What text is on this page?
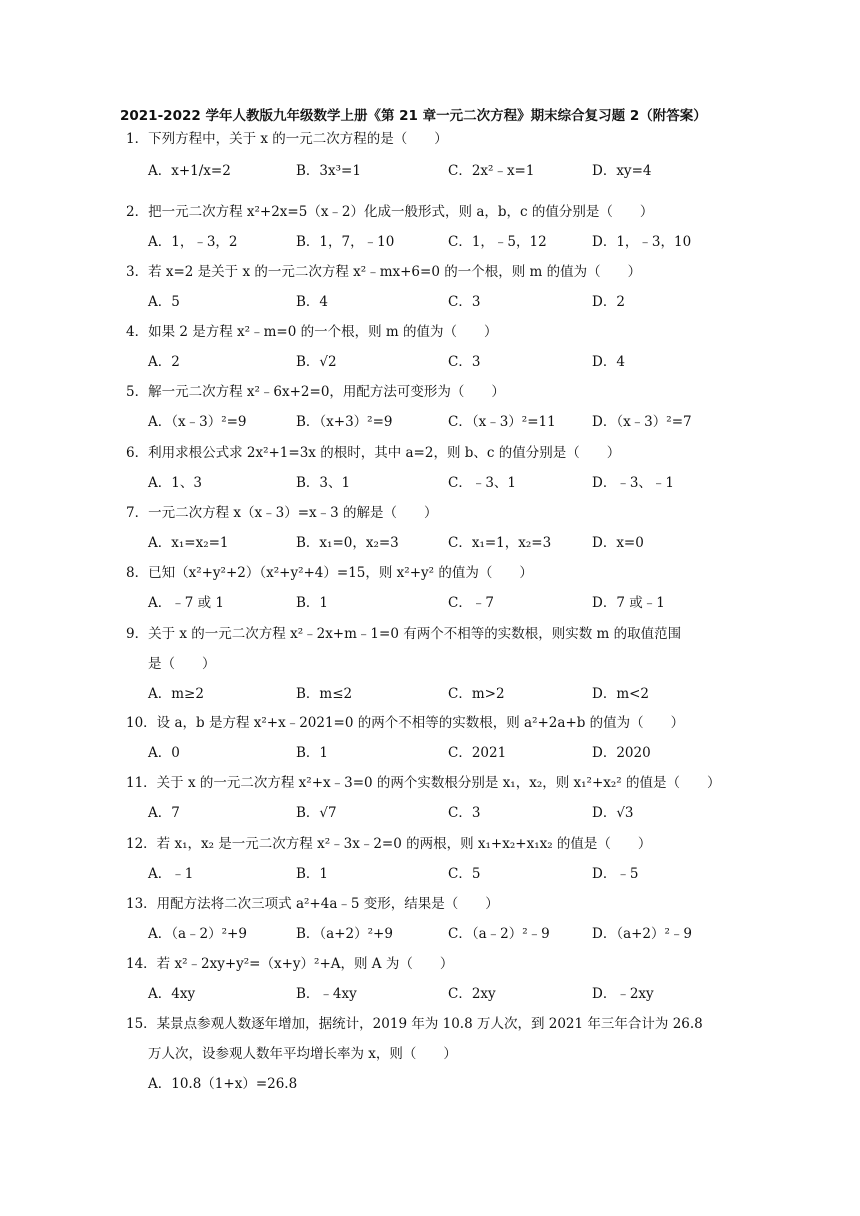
2021-2022 学年人教版九年级数学上册《第 21 章一元二次方程》期末综合复习题 2（附答案）
1．下列方程中，关于 x 的一元二次方程的是（　　）
A．x+1/x=2	B．3x³=1	C．2x²﹣x=1	D．xy=4
2．把一元二次方程 x²+2x=5（x﹣2）化成一般形式，则 a，b，c 的值分别是（　　）
A．1，﹣3，2	B．1，7，﹣10	C．1，﹣5，12	D．1，﹣3，10
3．若 x=2 是关于 x 的一元二次方程 x²﹣mx+6=0 的一个根，则 m 的值为（　　）
A．5	B．4	C．3	D．2
4．如果 2 是方程 x²﹣m=0 的一个根，则 m 的值为（　　）
A．2	B．√2	C．3	D．4
5．解一元二次方程 x²﹣6x+2=0，用配方法可变形为（　　）
A．（x﹣3）²=9	B．（x+3）²=9	C．（x﹣3）²=11	D．（x﹣3）²=7
6．利用求根公式求 2x²+1=3x 的根时，其中 a=2，则 b、c 的值分别是（　　）
A．1、3	B．3、1	C．﹣3、1	D．﹣3、﹣1
7．一元二次方程 x（x﹣3）=x﹣3 的解是（　　）
A．x₁=x₂=1	B．x₁=0，x₂=3	C．x₁=1，x₂=3	D．x=0
8．已知（x²+y²+2）（x²+y²+4）=15，则 x²+y² 的值为（　　）
A．﹣7 或 1	B．1	C．﹣7	D．7 或﹣1
9．关于 x 的一元二次方程 x²﹣2x+m﹣1=0 有两个不相等的实数根，则实数 m 的取值范围
是（　　）
A．m≥2	B．m≤2	C．m>2	D．m<2
10．设 a，b 是方程 x²+x﹣2021=0 的两个不相等的实数根，则 a²+2a+b 的值为（　　）
A．0	B．1	C．2021	D．2020
11．关于 x 的一元二次方程 x²+x﹣3=0 的两个实数根分别是 x₁，x₂，则 x₁²+x₂² 的值是（　　）
A．7	B．√7	C．3	D．√3
12．若 x₁，x₂ 是一元二次方程 x²﹣3x﹣2=0 的两根，则 x₁+x₂+x₁x₂ 的值是（　　）
A．﹣1	B．1	C．5	D．﹣5
13．用配方法将二次三项式 a²+4a﹣5 变形，结果是（　　）
A．（a﹣2）²+9	B．（a+2）²+9	C．（a﹣2）²﹣9	D．（a+2）²﹣9
14．若 x²﹣2xy+y²=（x+y）²+A，则 A 为（　　）
A．4xy	B．﹣4xy	C．2xy	D．﹣2xy
15．某景点参观人数逐年增加，据统计，2019 年为 10.8 万人次，到 2021 年三年合计为 26.8
万人次，设参观人数年平均增长率为 x，则（　　）
A．10.8（1+x）=26.8
